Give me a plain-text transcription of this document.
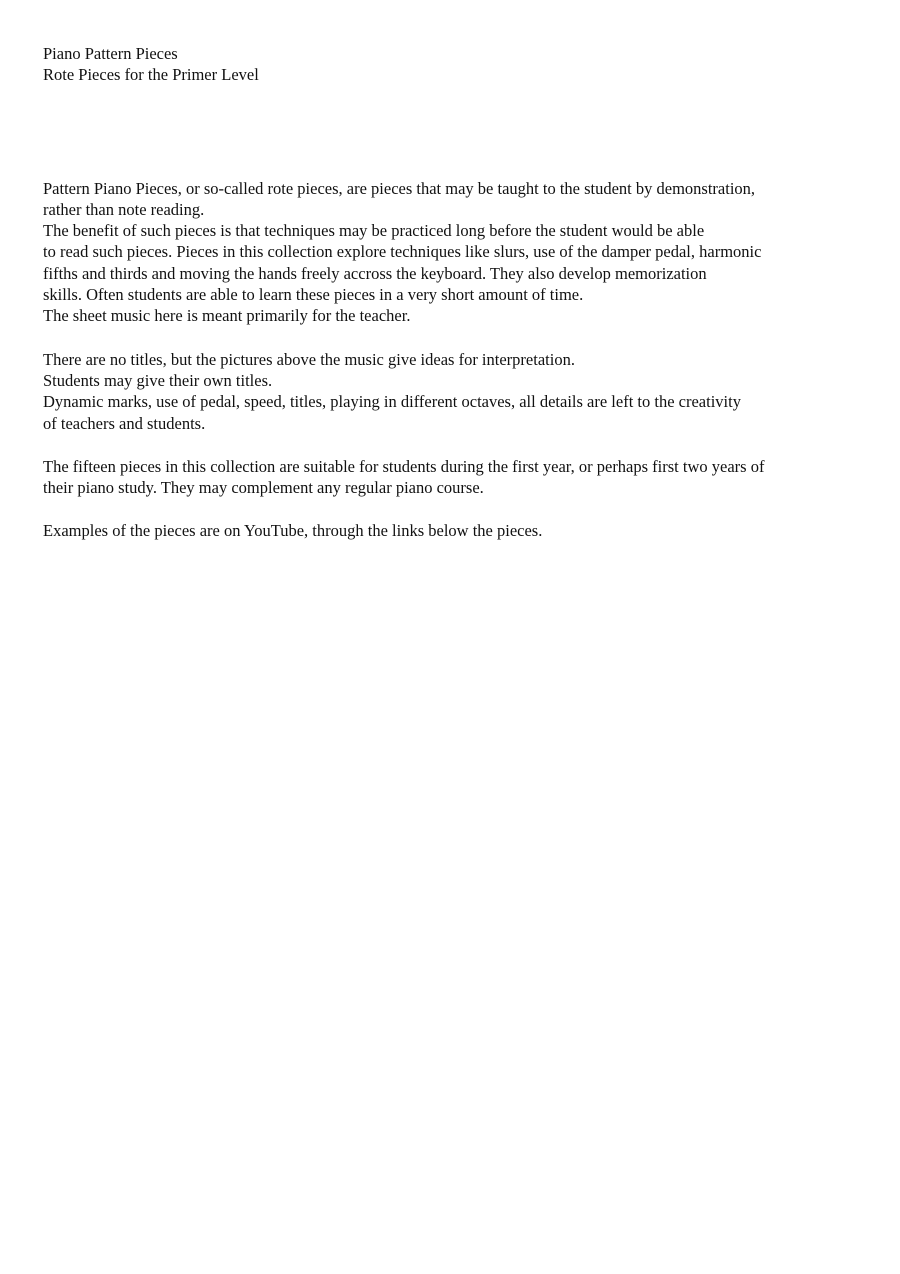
Piano Pattern Pieces
Rote Pieces for the Primer Level
Pattern Piano Pieces, or so-called rote pieces, are pieces that may be taught to the student by demonstration,
rather than note reading.
The benefit of such pieces is that techniques may be practiced long before the student would be able
to read such pieces. Pieces in this collection explore techniques like slurs, use of the damper pedal, harmonic
fifths and thirds and moving the hands freely accross the keyboard. They also develop memorization
skills. Often students are able to learn these pieces in a very short amount of time.
The sheet music here is meant primarily for the teacher.
There are no titles, but the pictures above the music give ideas for interpretation.
Students may give their own titles.
Dynamic marks, use of pedal, speed, titles, playing in different octaves, all details are left to the creativity
of teachers and students.
The fifteen pieces in this collection are suitable for students during the first year, or perhaps first two years of
their piano study. They may complement any regular piano course.
Examples of the pieces are on YouTube, through the links below the pieces.
